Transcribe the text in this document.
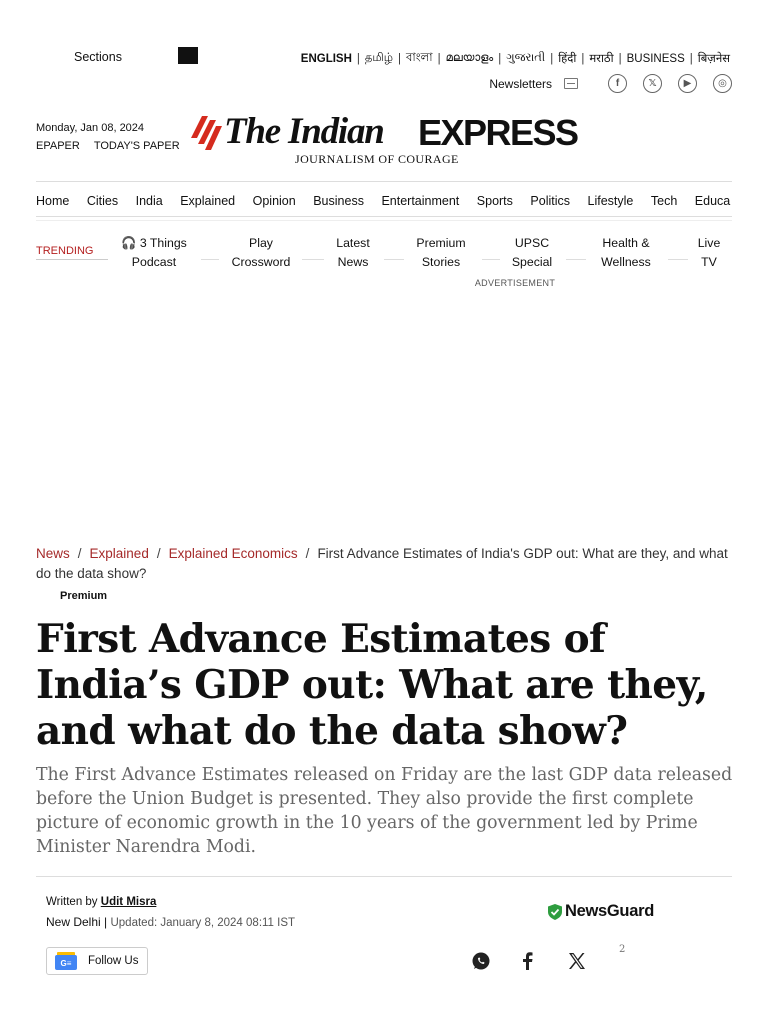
Sections	ENGLISH | தமிழ் | বাংলা | മലയാളം | ગુજરાતી | हिंदी | मराठी | BUSINESS | बिज़नेस
Newsletters	f	𝕏	▶	◎
Monday, Jan 08, 2024
EPAPER TODAY'S PAPER The Indian EXPRESS
JOURNALISM OF COURAGE
Home Cities India Explained Opinion Business Entertainment Sports Politics Lifestyle Tech Educa
TRENDING
🎧 3 Things
Podcast
Play
Crossword
Latest
News
Premium
Stories
UPSC
Special
Health &
Wellness
Live
TV
ADVERTISEMENT
News / Explained / Explained Economics / First Advance Estimates of India's GDP out: What are they, and what do the data show?
Premium
First Advance Estimates of India’s GDP out: What are they, and what do the data show?

The First Advance Estimates released on Friday are the last GDP data released before the Union Budget is presented. They also provide the first complete picture of economic growth in the 10 years of the government led by Prime Minister Narendra Modi.

Written by Udit Misra
New Delhi | Updated: January 8, 2024 08:11 IST
NewsGuard
G≡ Follow Us
2
